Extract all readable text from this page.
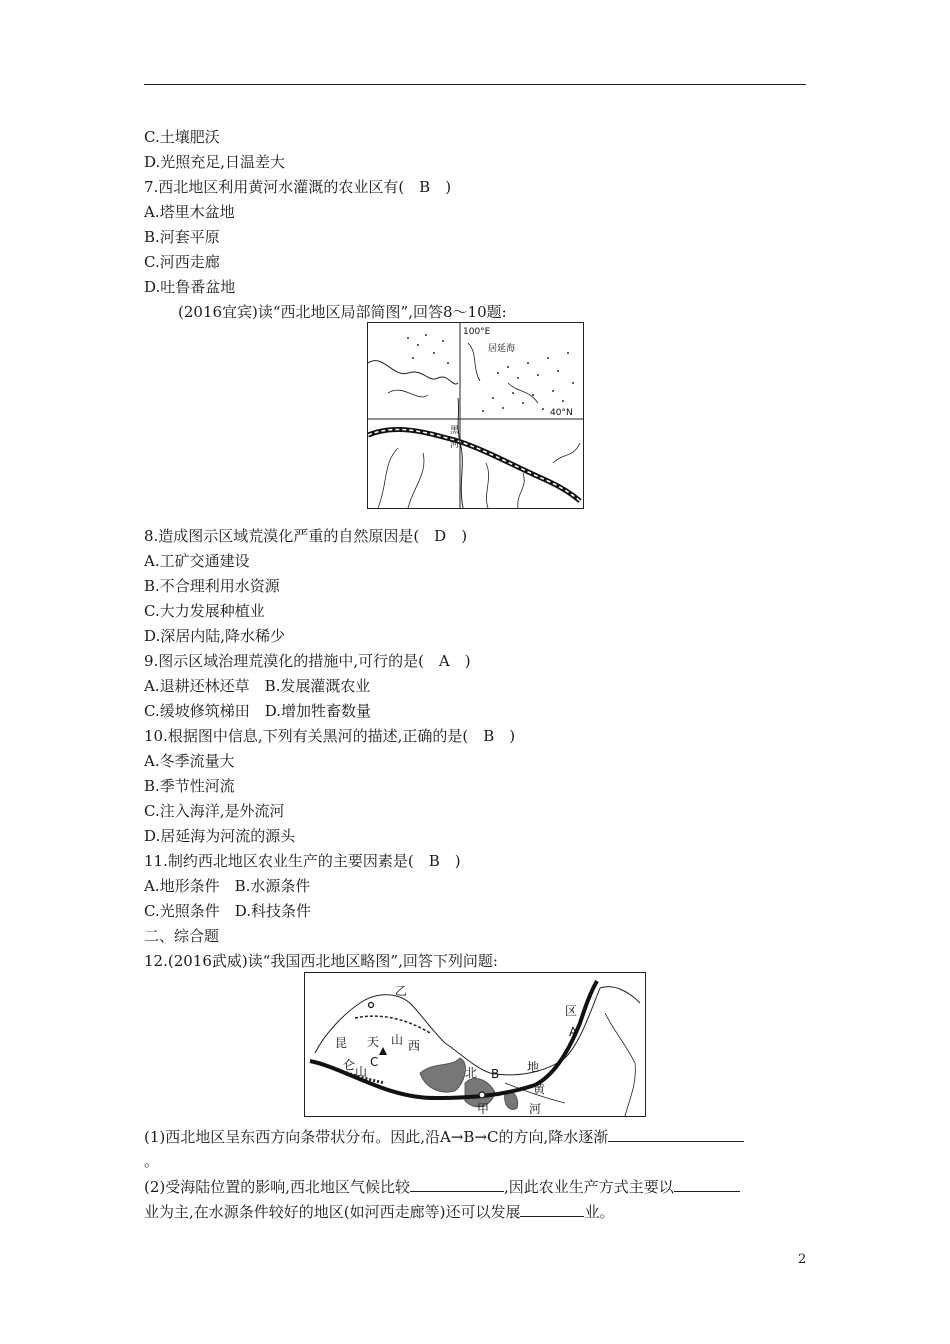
C.土壤肥沃
D.光照充足,日温差大
7.西北地区利用黄河水灌溉的农业区有(　B　)
A.塔里木盆地
B.河套平原
C.河西走廊
D.吐鲁番盆地
(2016宜宾)读“西北地区局部简图”,回答8～10题:
100°E
居延海
40°N
黑
河
8.造成图示区域荒漠化严重的自然原因是(　D　)
A.工矿交通建设
B.不合理利用水资源
C.大力发展种植业
D.深居内陆,降水稀少
9.图示区域治理荒漠化的措施中,可行的是(　A　)
A.退耕还林还草　B.发展灌溉农业
C.缓坡修筑梯田　D.增加牲畜数量
10.根据图中信息,下列有关黑河的描述,正确的是(　B　)
A.冬季流量大
B.季节性河流
C.注入海洋,是外流河
D.居延海为河流的源头
11.制约西北地区农业生产的主要因素是(　B　)
A.地形条件　B.水源条件
C.光照条件　D.科技条件
二、综合题
12.(2016武威)读“我国西北地区略图”,回答下列问题:
乙
昆
仑 山
天 山
C
西
北 B 地
区
A
甲
黄
河
(1)西北地区呈东西方向条带状分布。因此,沿A→B→C的方向,降水逐渐
。
(2)受海陆位置的影响,西北地区气候比较	,因此农业生产方式主要以
业为主,在水源条件较好的地区(如河西走廊等)还可以发展	业。
2
